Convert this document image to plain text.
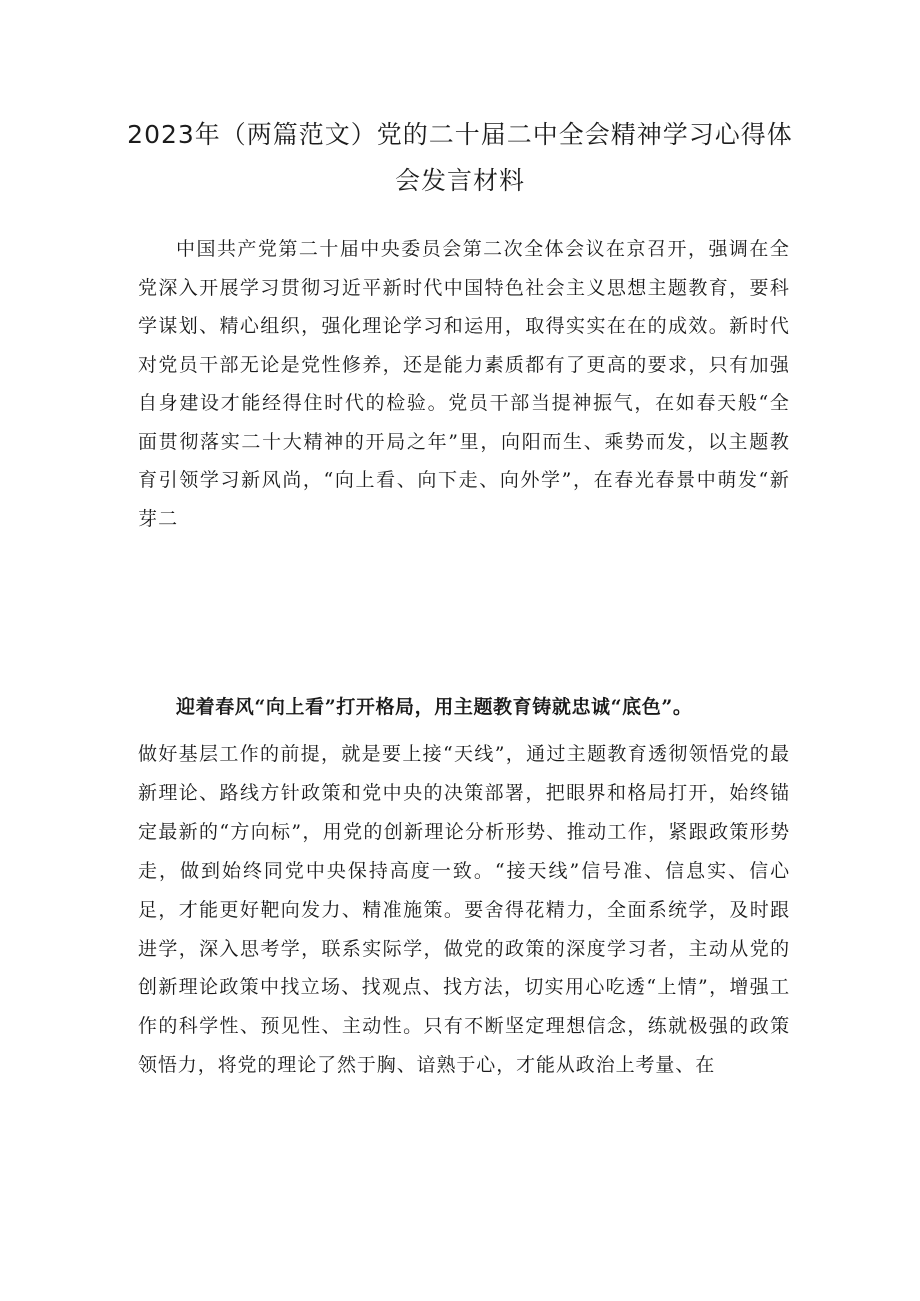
2023年（两篇范文）党的二十届二中全会精神学习心得体会发言材料

中国共产党第二十届中央委员会第二次全体会议在京召开，强调在全党深入开展学习贯彻习近平新时代中国特色社会主义思想主题教育，要科学谋划、精心组织，强化理论学习和运用，取得实实在在的成效。新时代对党员干部无论是党性修养，还是能力素质都有了更高的要求，只有加强自身建设才能经得住时代的检验。党员干部当提神振气，在如春天般“全面贯彻落实二十大精神的开局之年”里，向阳而生、乘势而发，以主题教育引领学习新风尚，“向上看、向下走、向外学”，在春光春景中萌发“新芽二

迎着春风“向上看”打开格局，用主题教育铸就忠诚“底色”。

做好基层工作的前提，就是要上接“天线”，通过主题教育透彻领悟党的最新理论、路线方针政策和党中央的决策部署，把眼界和格局打开，始终锚定最新的“方向标”，用党的创新理论分析形势、推动工作，紧跟政策形势走，做到始终同党中央保持高度一致。“接天线”信号准、信息实、信心足，才能更好靶向发力、精准施策。要舍得花精力，全面系统学，及时跟进学，深入思考学，联系实际学，做党的政策的深度学习者，主动从党的创新理论政策中找立场、找观点、找方法，切实用心吃透“上情”，增强工作的科学性、预见性、主动性。只有不断坚定理想信念，练就极强的政策领悟力，将党的理论了然于胸、谙熟于心，才能从政治上考量、在
